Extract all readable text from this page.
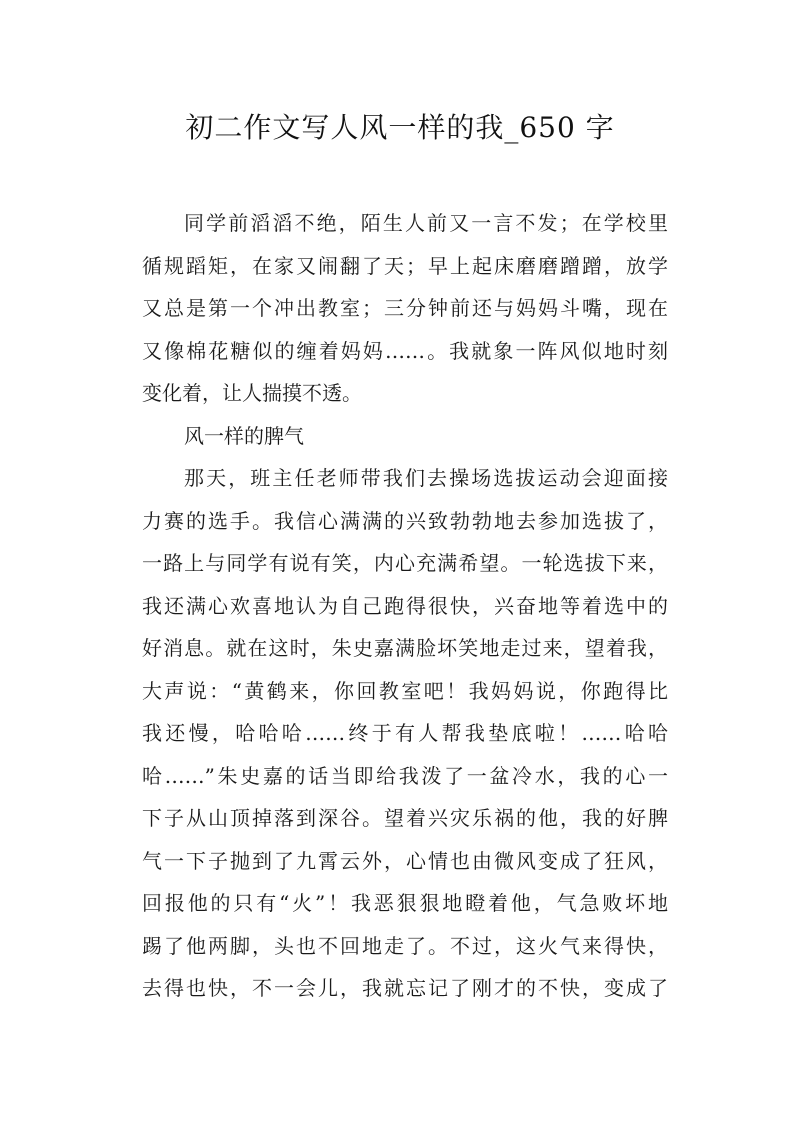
初二作文写人风一样的我_650 字
同学前滔滔不绝，陌生人前又一言不发；在学校里
循规蹈矩，在家又闹翻了天；早上起床磨磨蹭蹭，放学
又总是第一个冲出教室；三分钟前还与妈妈斗嘴，现在
又像棉花糖似的缠着妈妈……。我就象一阵风似地时刻
变化着，让人揣摸不透。
风一样的脾气
那天，班主任老师带我们去操场选拔运动会迎面接
力赛的选手。我信心满满的兴致勃勃地去参加选拔了，
一路上与同学有说有笑，内心充满希望。一轮选拔下来，
我还满心欢喜地认为自己跑得很快，兴奋地等着选中的
好消息。就在这时，朱史嘉满脸坏笑地走过来，望着我，
大声说：“黄鹤来，你回教室吧！我妈妈说，你跑得比
我还慢，哈哈哈……终于有人帮我垫底啦！……哈哈
哈……”朱史嘉的话当即给我泼了一盆冷水，我的心一
下子从山顶掉落到深谷。望着兴灾乐祸的他，我的好脾
气一下子抛到了九霄云外，心情也由微风变成了狂风，
回报他的只有“火”！我恶狠狠地瞪着他，气急败坏地
踢了他两脚，头也不回地走了。不过，这火气来得快，
去得也快，不一会儿，我就忘记了刚才的不快，变成了
